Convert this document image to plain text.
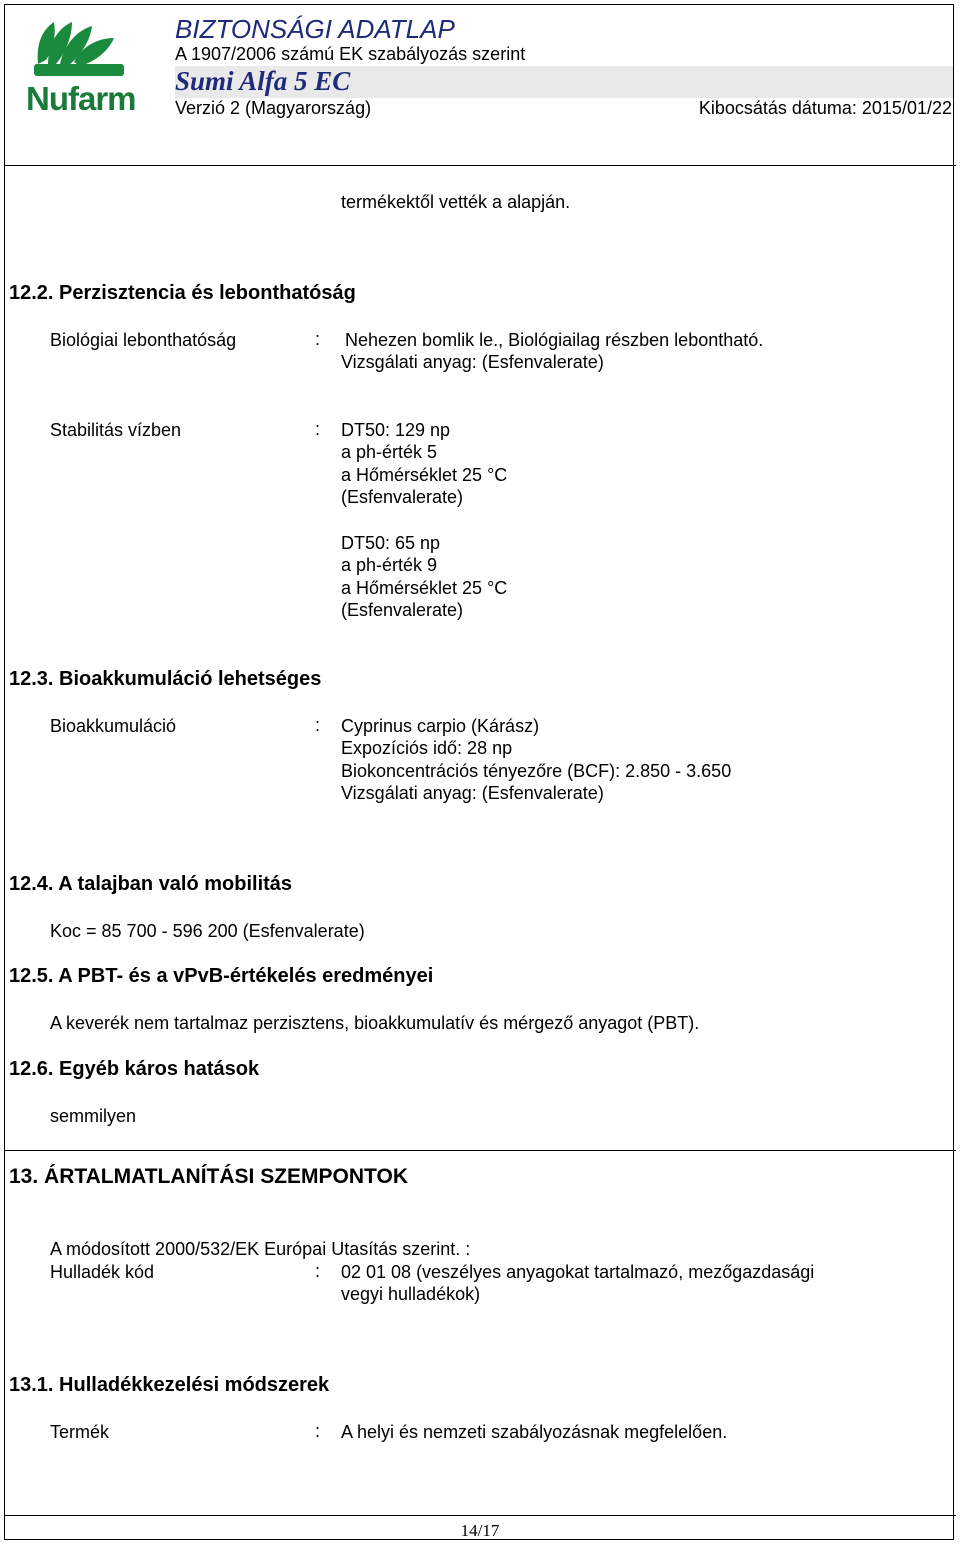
Nufarm
BIZTONSÁGI ADATLAP
A 1907/2006 számú EK szabályozás szerint
Sumi Alfa 5 EC
Verzió 2 (Magyarország)	Kibocsátás dátuma: 2015/01/22
termékektől vették a alapján.
12.2. Perzisztencia és lebonthatóság
Biológiai lebonthatóság	: Nehezen bomlik le., Biológiailag részben lebontható.
Vizsgálati anyag: (Esfenvalerate)
Stabilitás vízben	: DT50: 129 np
a ph-érték 5
a Hőmérséklet 25 °C
(Esfenvalerate)
DT50: 65 np
a ph-érték 9
a Hőmérséklet 25 °C
(Esfenvalerate)
12.3. Bioakkumuláció lehetséges
Bioakkumuláció	: Cyprinus carpio (Kárász)
Expozíciós idő: 28 np
Biokoncentrációs tényezőre (BCF): 2.850 - 3.650
Vizsgálati anyag: (Esfenvalerate)
12.4. A talajban való mobilitás
Koc = 85 700 - 596 200 (Esfenvalerate)
12.5. A PBT- és a vPvB-értékelés eredményei
A keverék nem tartalmaz perzisztens, bioakkumulatív és mérgező anyagot (PBT).
12.6. Egyéb káros hatások
semmilyen
13. ÁRTALMATLANÍTÁSI SZEMPONTOK
A módosított 2000/532/EK Európai Utasítás szerint. :
Hulladék kód	: 02 01 08 (veszélyes anyagokat tartalmazó, mezőgazdasági
vegyi hulladékok)
13.1. Hulladékkezelési módszerek
Termék	: A helyi és nemzeti szabályozásnak megfelelően.
14/17
